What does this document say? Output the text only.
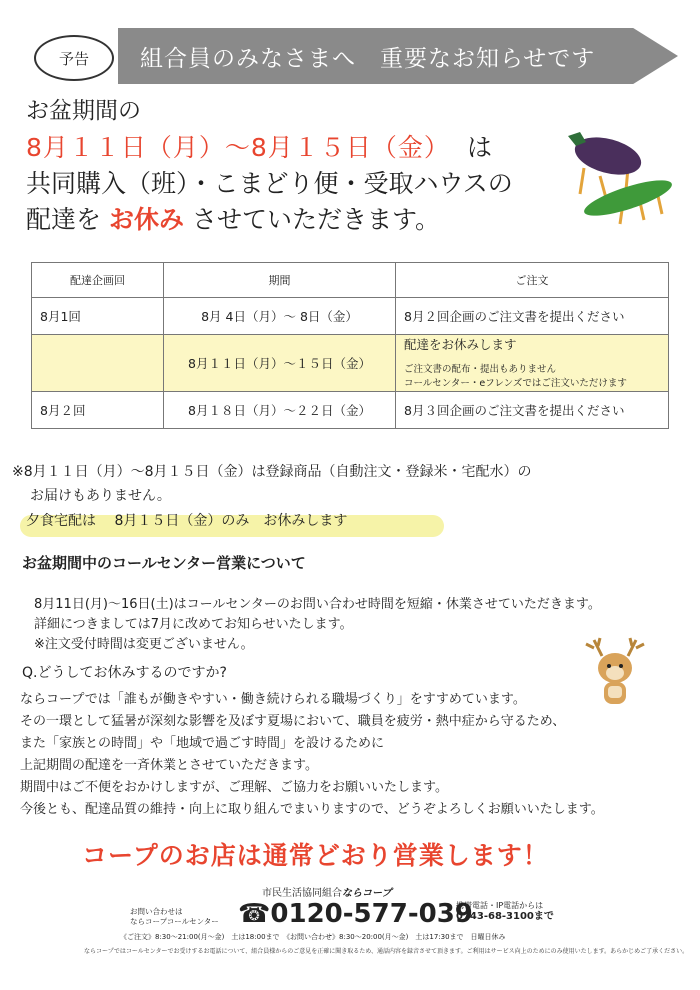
組合員のみなさまへ　重要なお知らせです
予告
お盆期間の
8月１１日（月）〜8月１５日（金） は
共同購入（班）・こまどり便・受取ハウスの
配達を お休み させていただきます。
配達企画回	期間	ご注文
8月1回	8月 4日（月）〜 8日（金）	8月２回企画のご注文書を提出ください
	8月１１日（月）〜１５日（金）	配達をお休みします
ご注文書の配布・提出もありません
コールセンター・eフレンズではご注文いただけます

8月２回	8月１８日（月）〜２２日（金）	8月３回企画のご注文書を提出ください
※8月１１日（月）〜8月１５日（金）は登録商品（自動注文・登録米・宅配水）の
お届けもありません。
夕食宅配は　 8月１５日（金）のみ　お休みします
お盆期間中のコールセンター営業について
8月11日(月)〜16日(土)はコールセンターのお問い合わせ時間を短縮・休業させていただきます。
詳細につきましては7月に改めてお知らせいたします。
※注文受付時間は変更ございません。
Q.どうしてお休みするのですか?
ならコープでは「誰もが働きやすい・働き続けられる職場づくり」をすすめています。
その一環として猛暑が深刻な影響を及ぼす夏場において、職員を疲労・熱中症から守るため、
また「家族との時間」や「地域で過ごす時間」を設けるために
上記期間の配達を一斉休業とさせていただきます。
期間中はご不便をおかけしますが、ご理解、ご協力をお願いいたします。
今後とも、配達品質の維持・向上に取り組んでまいりますので、どうぞよろしくお願いいたします。
コープのお店は通常どおり営業します！
市民生活協同組合ならコープ
お問い合わせは
ならコープコールセンター ☎0120-577-039
携帯電話・IP電話からは
0743-68-3100まで
《ご注文》8:30〜21:00(月〜金)　土は18:00まで　《お問い合わせ》8:30〜20:00(月〜金)　土は17:30まで　日曜日休み
ならコープではコールセンターでお受けするお電話について、組合員様からのご意見を正確に聞き取るため、通話内容を録音させて頂きます。ご利用はサービス向上のためにのみ使用いたします。あらかじめご了承ください。
